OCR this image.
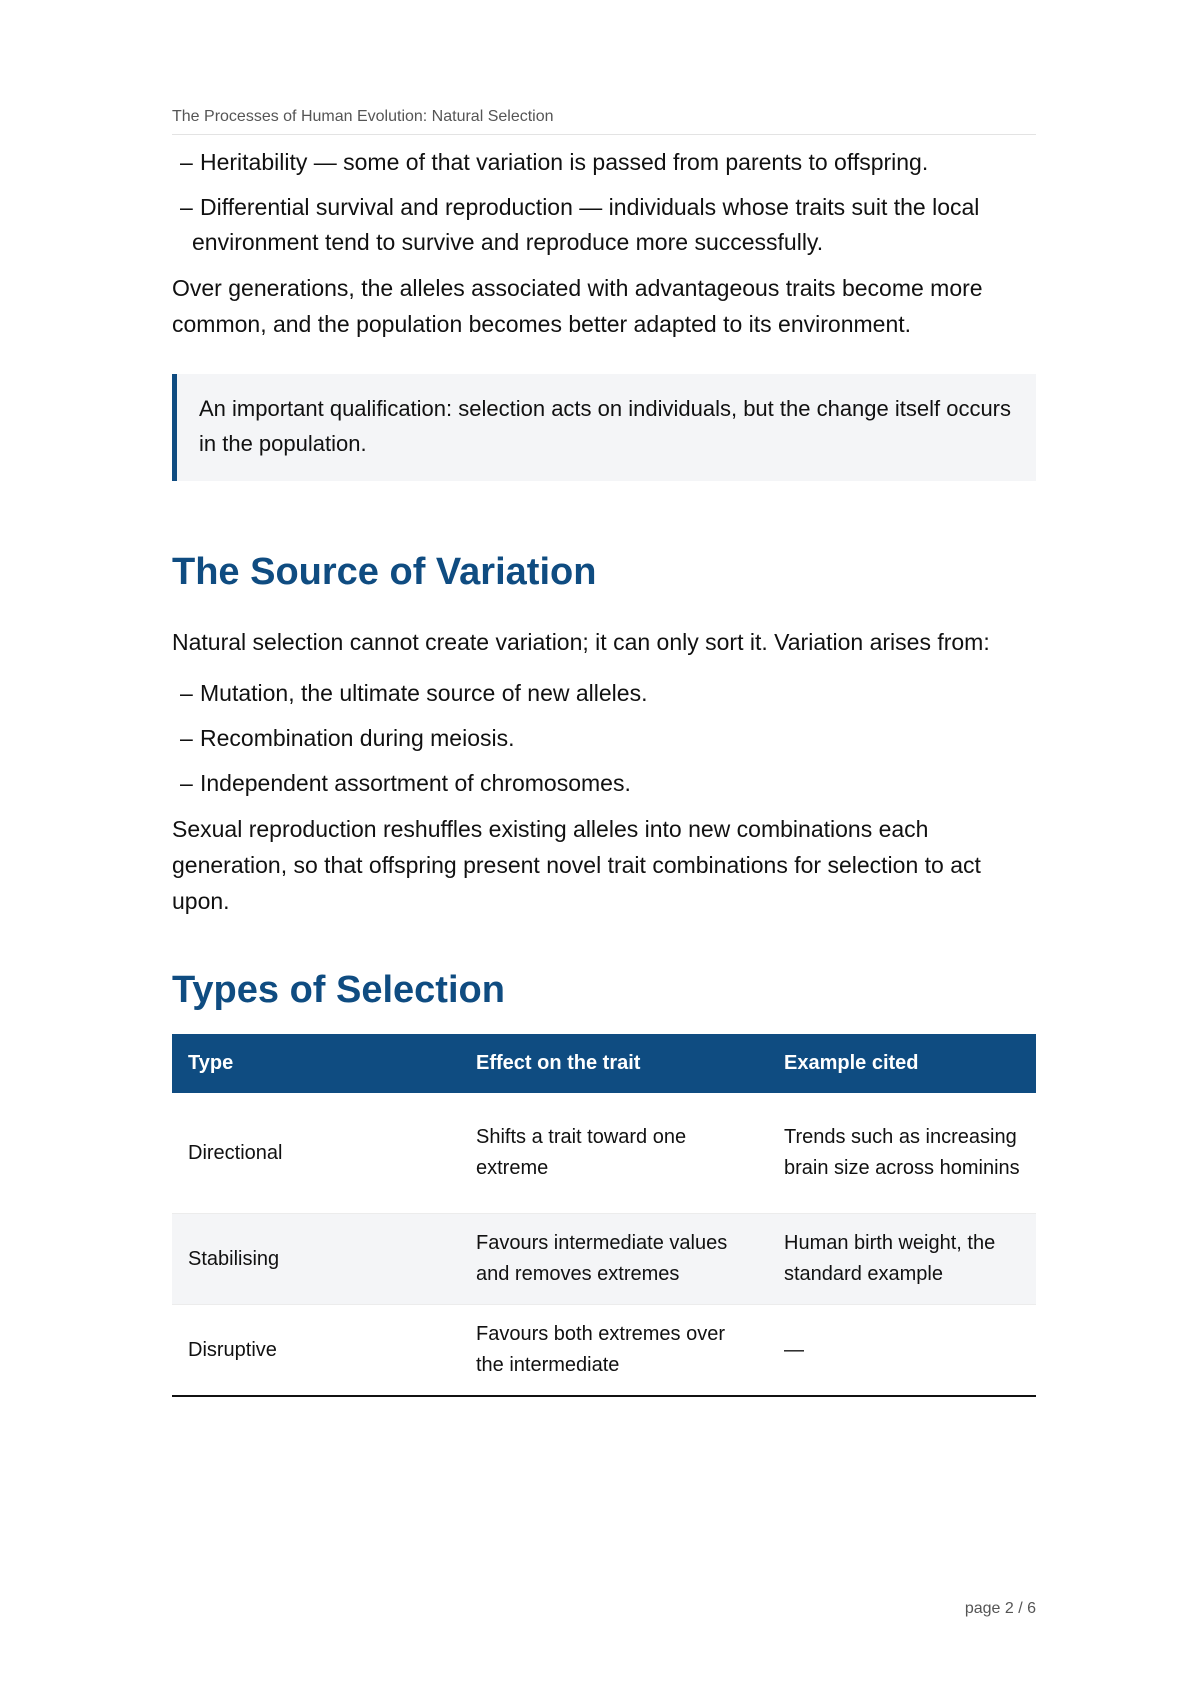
The Processes of Human Evolution: Natural Selection
– Heritability — some of that variation is passed from parents to offspring.
– Differential survival and reproduction — individuals whose traits suit the local
environment tend to survive and reproduce more successfully.

Over generations, the alleles associated with advantageous traits become more common, and the population becomes better adapted to its environment.

An important qualification: selection acts on individuals, but the change itself occurs in the population.
The Source of Variation

Natural selection cannot create variation; it can only sort it. Variation arises from:

– Mutation, the ultimate source of new alleles.
– Recombination during meiosis.
– Independent assortment of chromosomes.

Sexual reproduction reshuffles existing alleles into new combinations each generation, so that offspring present novel trait combinations for selection to act upon.

Types of Selection
Type	Effect on the trait	Example cited
Directional	Shifts a trait toward one extreme	Trends such as increasing brain size across hominins
Stabilising	Favours intermediate values and removes extremes	Human birth weight, the standard example
Disruptive	Favours both extremes over the intermediate	—
page 2 / 6
